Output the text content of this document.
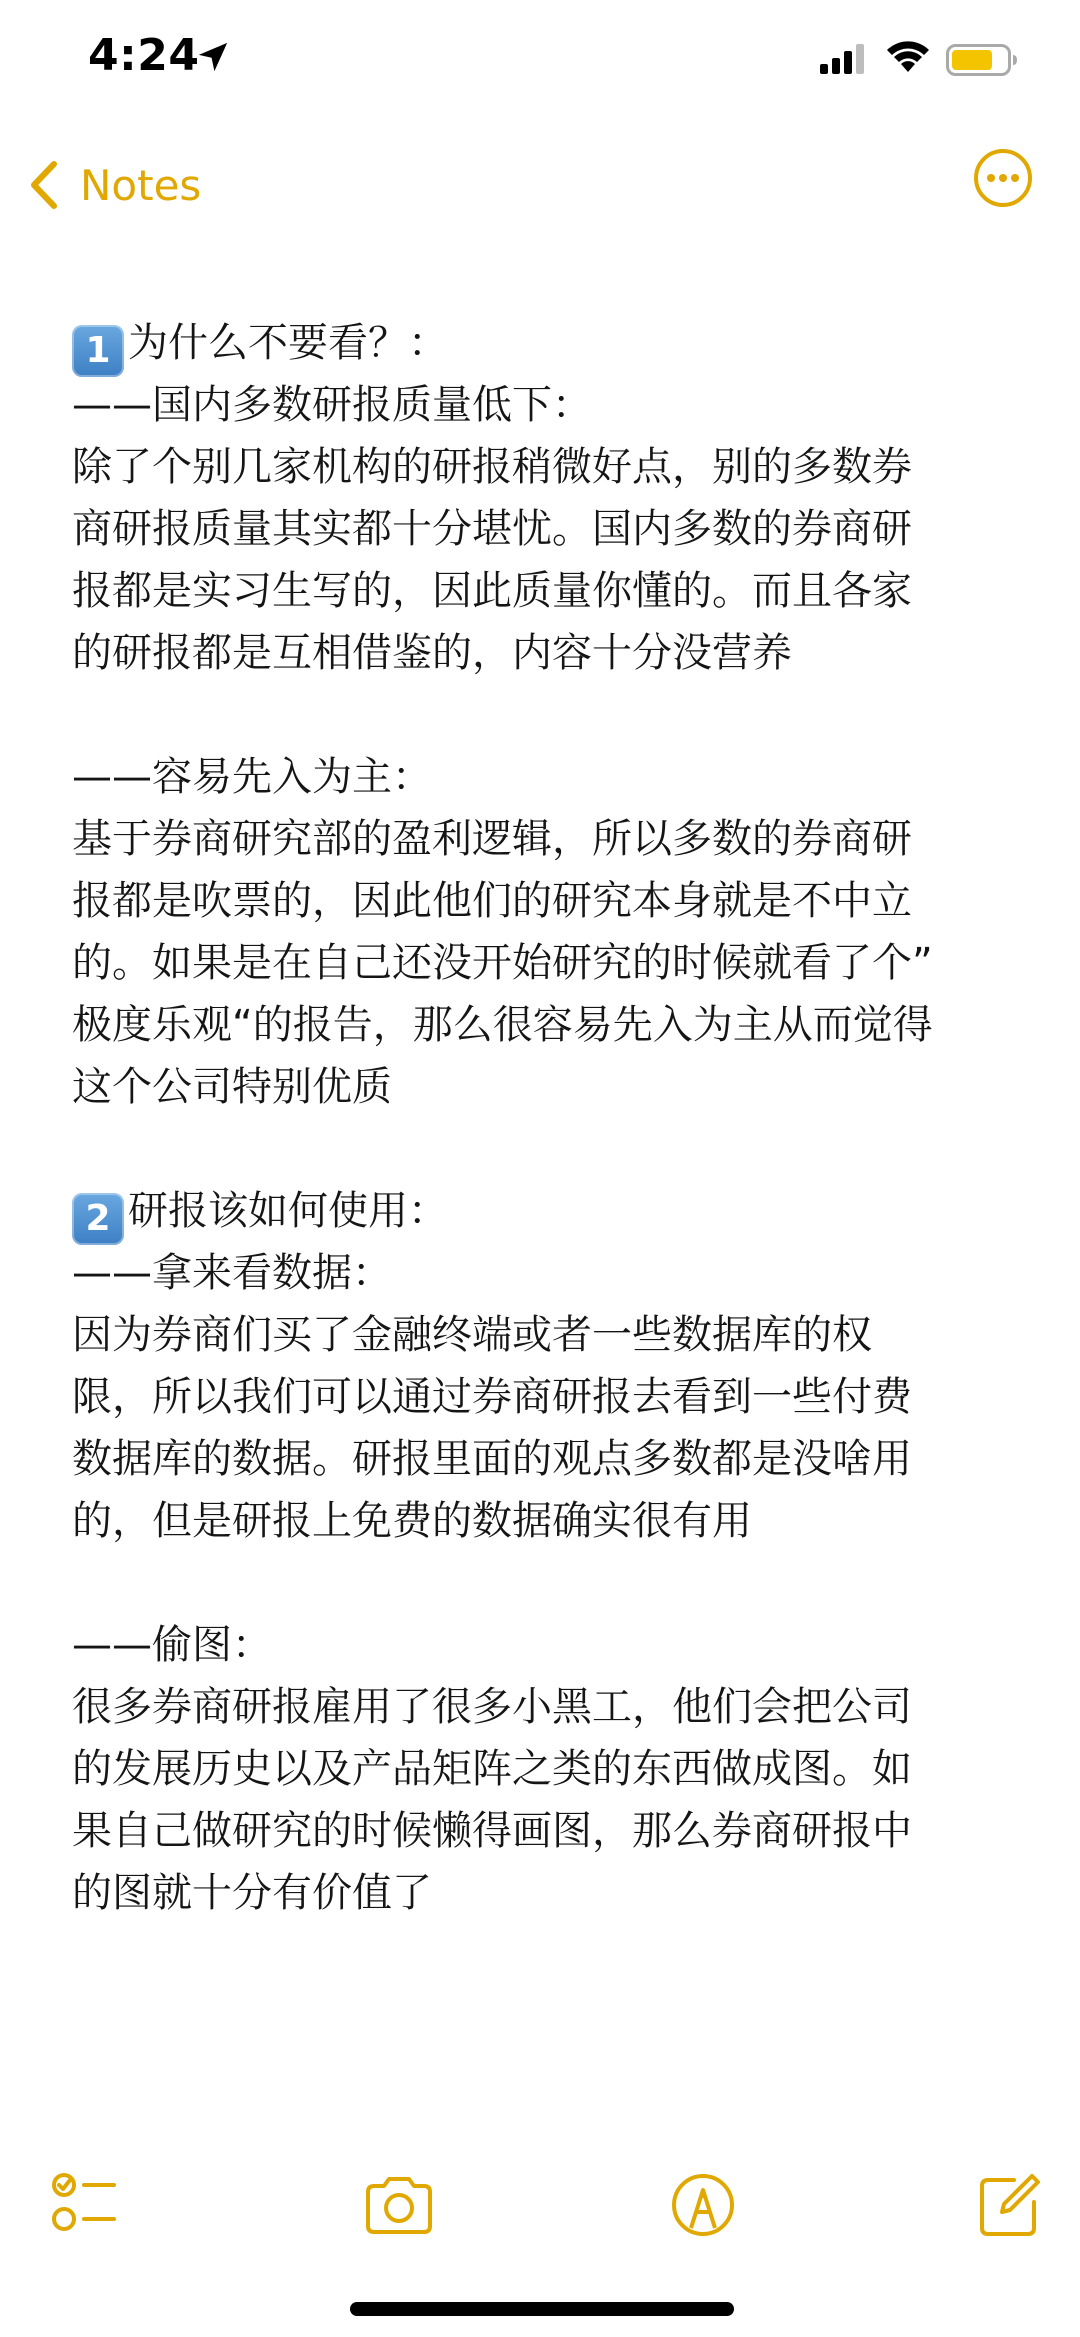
4:24
Notes
1 为什么不要看？：
——国内多数研报质量低下：
除了个别几家机构的研报稍微好点，别的多数券
商研报质量其实都十分堪忧。国内多数的券商研
报都是实习生写的，因此质量你懂的。而且各家
的研报都是互相借鉴的，内容十分没营养
——容易先入为主：
基于券商研究部的盈利逻辑，所以多数的券商研
报都是吹票的，因此他们的研究本身就是不中立
的。如果是在自己还没开始研究的时候就看了个”
极度乐观“的报告，那么很容易先入为主从而觉得
这个公司特别优质
2 研报该如何使用：
——拿来看数据：
因为券商们买了金融终端或者一些数据库的权
限，所以我们可以通过券商研报去看到一些付费
数据库的数据。研报里面的观点多数都是没啥用
的，但是研报上免费的数据确实很有用
——偷图：
很多券商研报雇用了很多小黑工，他们会把公司
的发展历史以及产品矩阵之类的东西做成图。如
果自己做研究的时候懒得画图，那么券商研报中
的图就十分有价值了
